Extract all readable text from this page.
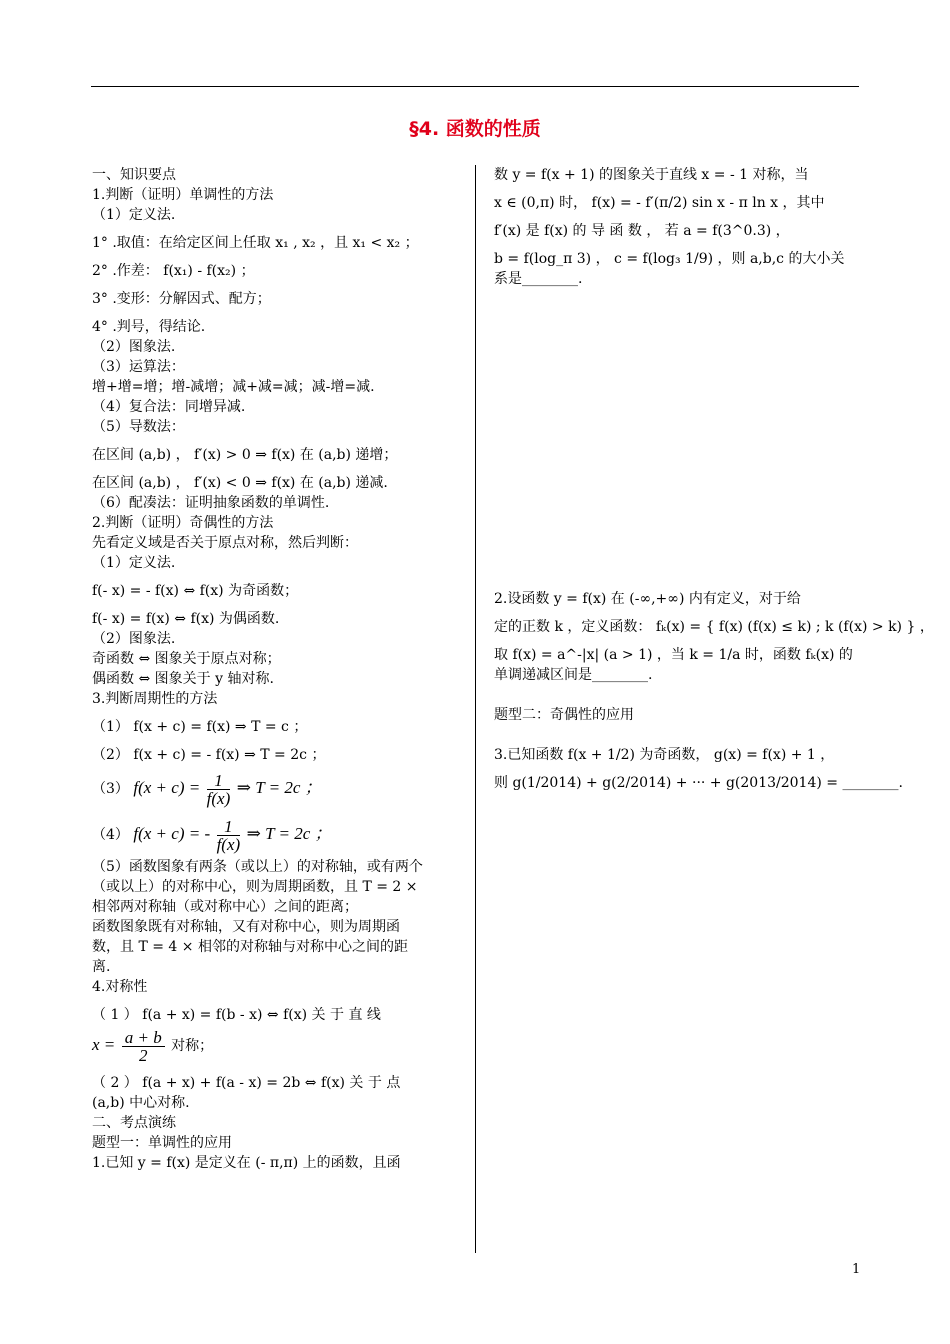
§4. 函数的性质
一、知识要点
1.判断（证明）单调性的方法
（1）定义法.
1° .取值：在给定区间上任取 x₁ , x₂ ，且 x₁ < x₂ ；
2° .作差： f(x₁) - f(x₂) ；
3° .变形：分解因式、配方；
4° .判号，得结论.
（2）图象法.
（3）运算法：
增+增=增；增-减增；减+减=减；减-增=减.
（4）复合法：同增异减.
（5）导数法：
在区间 (a,b) ， f′(x) > 0 ⇒ f(x) 在 (a,b) 递增；
在区间 (a,b) ， f′(x) < 0 ⇒ f(x) 在 (a,b) 递减.
（6）配凑法：证明抽象函数的单调性.
2.判断（证明）奇偶性的方法
先看定义域是否关于原点对称，然后判断：
（1）定义法.
f(- x) = - f(x) ⇔ f(x) 为奇函数；
f(- x) = f(x) ⇔ f(x) 为偶函数.
（2）图象法.
奇函数 ⇔ 图象关于原点对称；
偶函数 ⇔ 图象关于 y 轴对称.
3.判断周期性的方法
（1） f(x + c) = f(x) ⇒ T = c ；
（2） f(x + c) = - f(x) ⇒ T = 2c ；
（3） $f(x + c) = \frac{1}{f(x)}$ ⇒ T = 2c ；
（4） f(x + c) = - $\frac{1}{f(x)}$ ⇒ T = 2c ；
（5）函数图象有两条（或以上）的对称轴，或有两个
（或以上）的对称中心，则为周期函数，且 T = 2 ×
相邻两对称轴（或对称中心）之间的距离；
函数图象既有对称轴，又有对称中心，则为周期函
数，且 T = 4 × 相邻的对称轴与对称中心之间的距
离.
4.对称性
（ 1 ） f(a + x) = f(b - x) ⇔ f(x) 关 于 直 线
$x = \frac{a + b}{2}$ 对称；
（ 2 ） f(a + x) + f(a - x) = 2b ⇔ f(x) 关 于 点
(a,b) 中心对称.
二、考点演练
题型一：单调性的应用
1.已知 y = f(x) 是定义在 (- π,π) 上的函数，且函
数 y = f(x + 1) 的图象关于直线 x = - 1 对称，当
x ∈ (0,π) 时， f(x) = - f′(π/2) sin x - π ln x ，其中
f′(x) 是 f(x) 的 导 函 数 ， 若 a = f(3^0.3) ，
b = f(log_π 3) ， c = f(log₃ 1/9) ，则 a,b,c 的大小关
系是________.
2.设函数 y = f(x) 在 (-∞,+∞) 内有定义，对于给
定的正数 k ，定义函数： fₖ(x) = { f(x) (f(x) ≤ k) ; k (f(x) > k) } ，
取 f(x) = a^-|x| (a > 1) ，当 k = 1/a 时，函数 fₖ(x) 的
单调递减区间是________.
题型二：奇偶性的应用
3.已知函数 f(x + 1/2) 为奇函数， g(x) = f(x) + 1 ，
则 g(1/2014) + g(2/2014) + ··· + g(2013/2014) = ________.
1
